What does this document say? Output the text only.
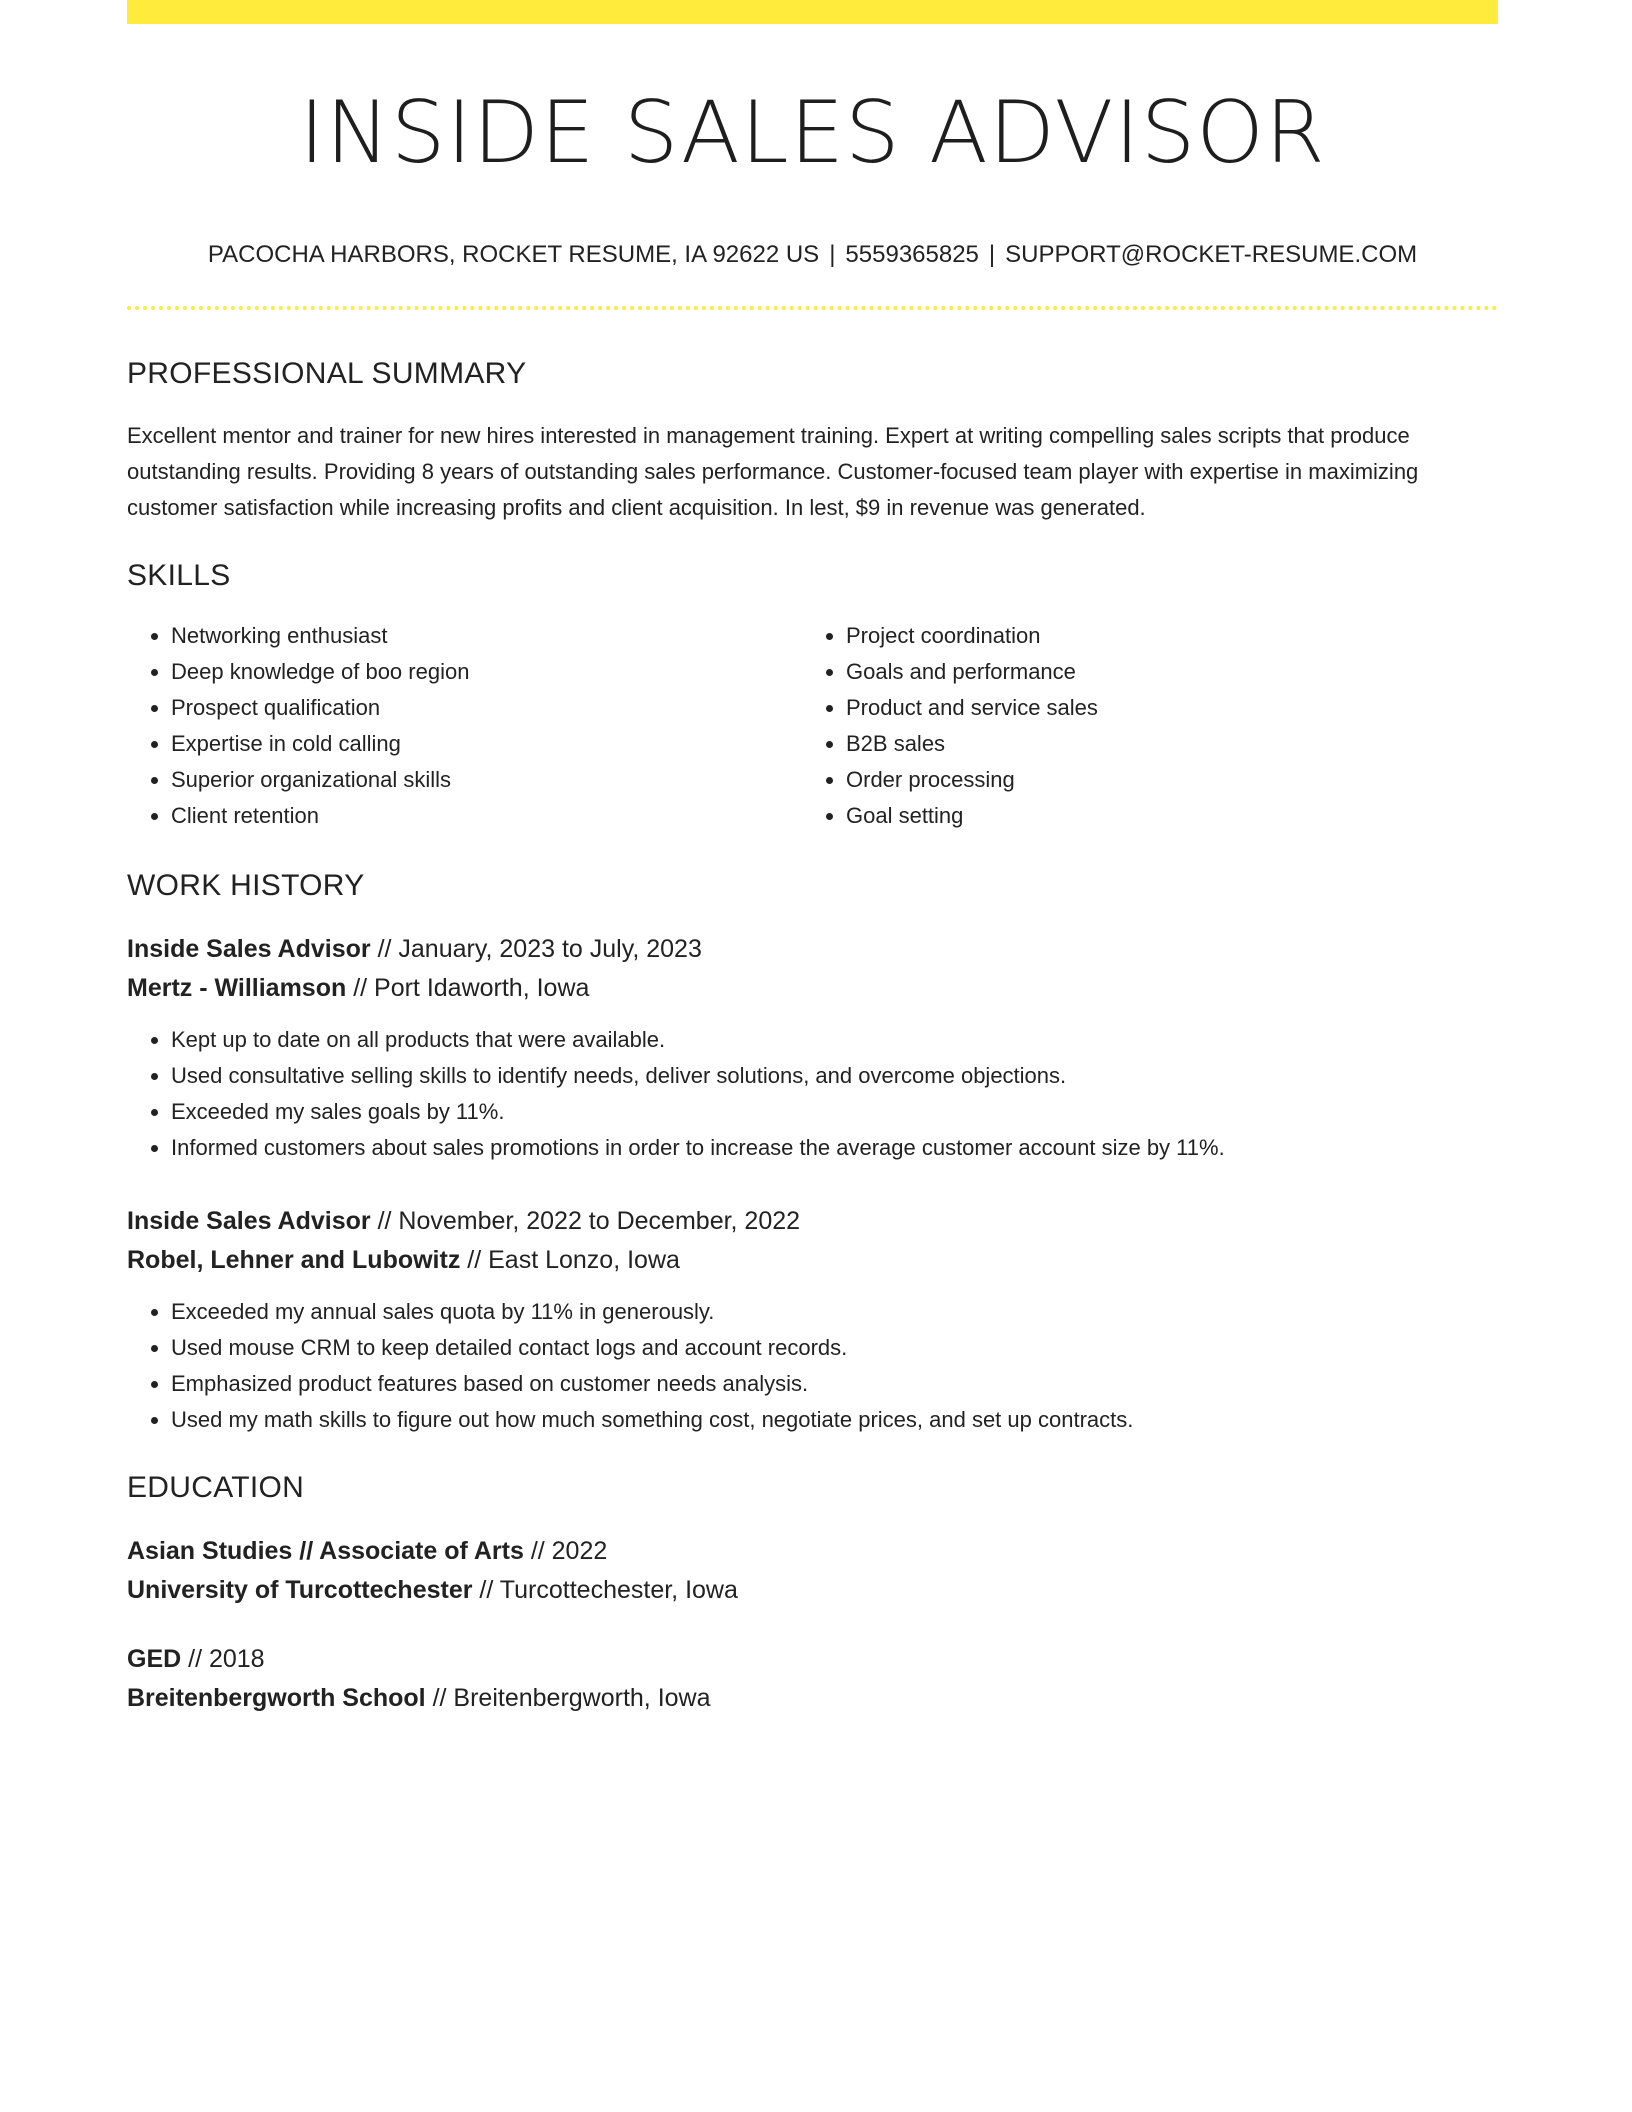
INSIDE SALES ADVISOR
PACOCHA HARBORS, ROCKET RESUME, IA 92622 US | 5559365825 | SUPPORT@ROCKET-RESUME.COM
PROFESSIONAL SUMMARY
Excellent mentor and trainer for new hires interested in management training. Expert at writing compelling sales scripts that produce outstanding results. Providing 8 years of outstanding sales performance. Customer-focused team player with expertise in maximizing customer satisfaction while increasing profits and client acquisition. In lest, $9 in revenue was generated.
SKILLS
• Networking enthusiast
• Deep knowledge of boo region
• Prospect qualification
• Expertise in cold calling
• Superior organizational skills
• Client retention
• Project coordination
• Goals and performance
• Product and service sales
• B2B sales
• Order processing
• Goal setting
WORK HISTORY
Inside Sales Advisor // January, 2023 to July, 2023
Mertz - Williamson // Port Idaworth, Iowa
• Kept up to date on all products that were available.
• Used consultative selling skills to identify needs, deliver solutions, and overcome objections.
• Exceeded my sales goals by 11%.
• Informed customers about sales promotions in order to increase the average customer account size by 11%.
Inside Sales Advisor // November, 2022 to December, 2022
Robel, Lehner and Lubowitz // East Lonzo, Iowa
• Exceeded my annual sales quota by 11% in generously.
• Used mouse CRM to keep detailed contact logs and account records.
• Emphasized product features based on customer needs analysis.
• Used my math skills to figure out how much something cost, negotiate prices, and set up contracts.
EDUCATION
Asian Studies // Associate of Arts // 2022
University of Turcottechester // Turcottechester, Iowa
GED // 2018
Breitenbergworth School // Breitenbergworth, Iowa
